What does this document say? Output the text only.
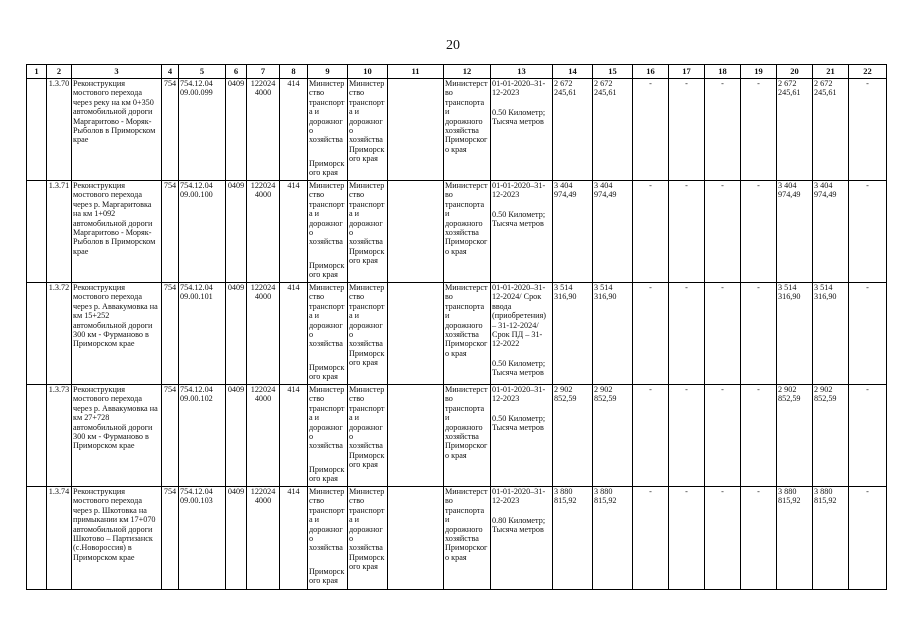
20
1	2	3	4	5	6	7	8	9	10	11	12	13	14	15	16	17	18	19	20	21	22
	1.3.70	Реконструкция мостового перехода через реку на км 0+350 автомобильной дороги Маргаритово - Моряк-Рыболов в Приморском крае	754	754.12.04 09.00.099	0409	122024 4000	414	Министерство транспорта и дорожного хозяйства
Приморского края	Министерство транспорта и дорожного хозяйства Приморского края		Министерство транспорта и дорожного хозяйства Приморского края	01-01-2020–31-12-2023
0.50 Километр; Тысяча метров	2 672 245,61	2 672 245,61	-	-	-	-	2 672 245,61	2 672 245,61	-
	1.3.71	Реконструкция мостового перехода через р. Маргаритовка на км 1+092 автомобильной дороги Маргаритово - Моряк-Рыболов в Приморском крае	754	754.12.04 09.00.100	0409	122024 4000	414	Министерство транспорта и дорожного хозяйства
Приморского края	Министерство транспорта и дорожного хозяйства Приморского края		Министерство транспорта и дорожного хозяйства Приморского края	01-01-2020–31-12-2023
0.50 Километр; Тысяча метров	3 404 974,49	3 404 974,49	-	-	-	-	3 404 974,49	3 404 974,49	-
	1.3.72	Реконструкция мостового перехода через р. Аввакумовка на км 15+252 автомобильной дороги 300 км - Фурманово в Приморском крае	754	754.12.04 09.00.101	0409	122024 4000	414	Министерство транспорта и дорожного хозяйства
Приморского края	Министерство транспорта и дорожного хозяйства Приморского края		Министерство транспорта и дорожного хозяйства Приморского края	01-01-2020–31-12-2024/ Срок ввода (приобретения) – 31-12-2024/ Срок ПД – 31-12-2022
0.50 Километр; Тысяча метров	3 514 316,90	3 514 316,90	-	-	-	-	3 514 316,90	3 514 316,90	-
	1.3.73	Реконструкция мостового перехода через р. Аввакумовка на км 27+728 автомобильной дороги 300 км - Фурманово в Приморском крае	754	754.12.04 09.00.102	0409	122024 4000	414	Министерство транспорта и дорожного хозяйства
Приморского края	Министерство транспорта и дорожного хозяйства Приморского края		Министерство транспорта и дорожного хозяйства Приморского края	01-01-2020–31-12-2023
0.50 Километр; Тысяча метров	2 902 852,59	2 902 852,59	-	-	-	-	2 902 852,59	2 902 852,59	-
	1.3.74	Реконструкция мостового перехода через р. Шкотовка на примыкании км 17+070 автомобильной дороги Шкотово – Партизанск (с.Новороссия) в Приморском крае	754	754.12.04 09.00.103	0409	122024 4000	414	Министерство транспорта и дорожного хозяйства
Приморского края	Министерство транспорта и дорожного хозяйства Приморского края		Министерство транспорта и дорожного хозяйства Приморского края	01-01-2020–31-12-2023
0.80 Километр; Тысяча метров	3 880 815,92	3 880 815,92	-	-	-	-	3 880 815,92	3 880 815,92	-
